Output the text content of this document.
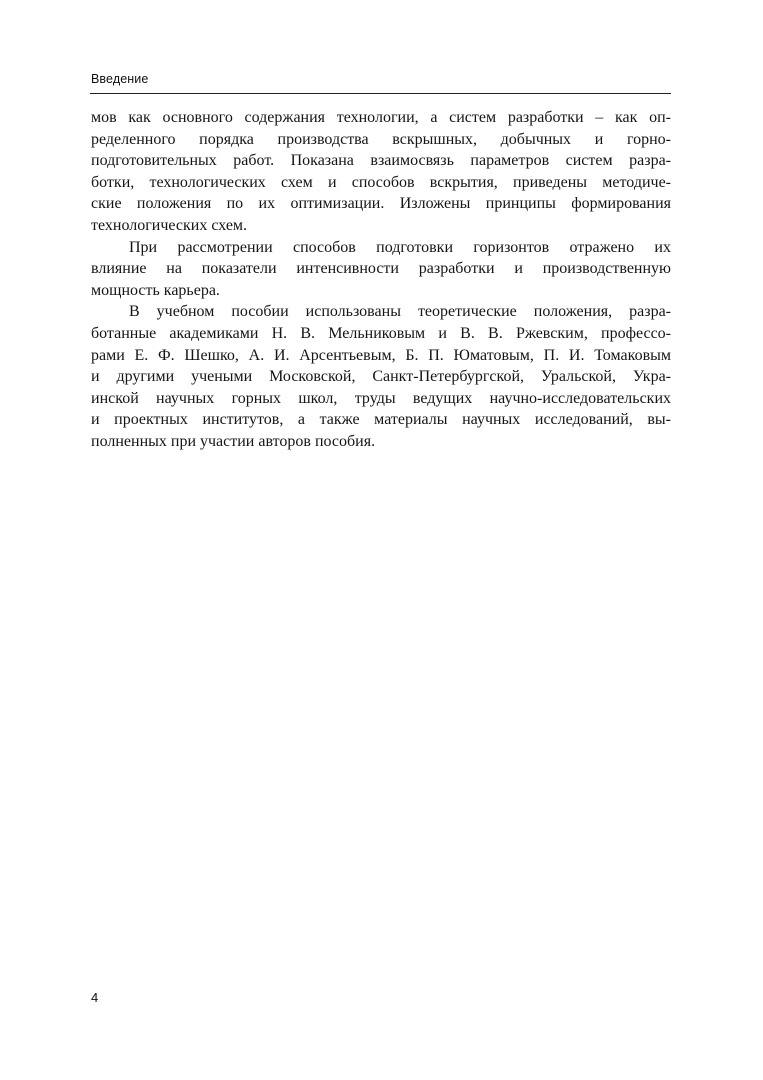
Введение

мов как основного содержания технологии, а систем разработки – как оп-
ределенного порядка производства вскрышных, добычных и горно-
подготовительных работ. Показана взаимосвязь параметров систем разра-
ботки, технологических схем и способов вскрытия, приведены методиче-
ские положения по их оптимизации. Изложены принципы формирования
технологических схем.

При рассмотрении способов подготовки горизонтов отражено их
влияние на показатели интенсивности разработки и производственную
мощность карьера.

В учебном пособии использованы теоретические положения, разра-
ботанные академиками Н. В. Мельниковым и В. В. Ржевским, профессо-
рами Е. Ф. Шешко, А. И. Арсентьевым, Б. П. Юматовым, П. И. Томаковым
и другими учеными Московской, Санкт-Петербургской, Уральской, Укра-
инской научных горных школ, труды ведущих научно-исследовательских
и проектных институтов, а также материалы научных исследований, вы-
полненных при участии авторов пособия.

4
